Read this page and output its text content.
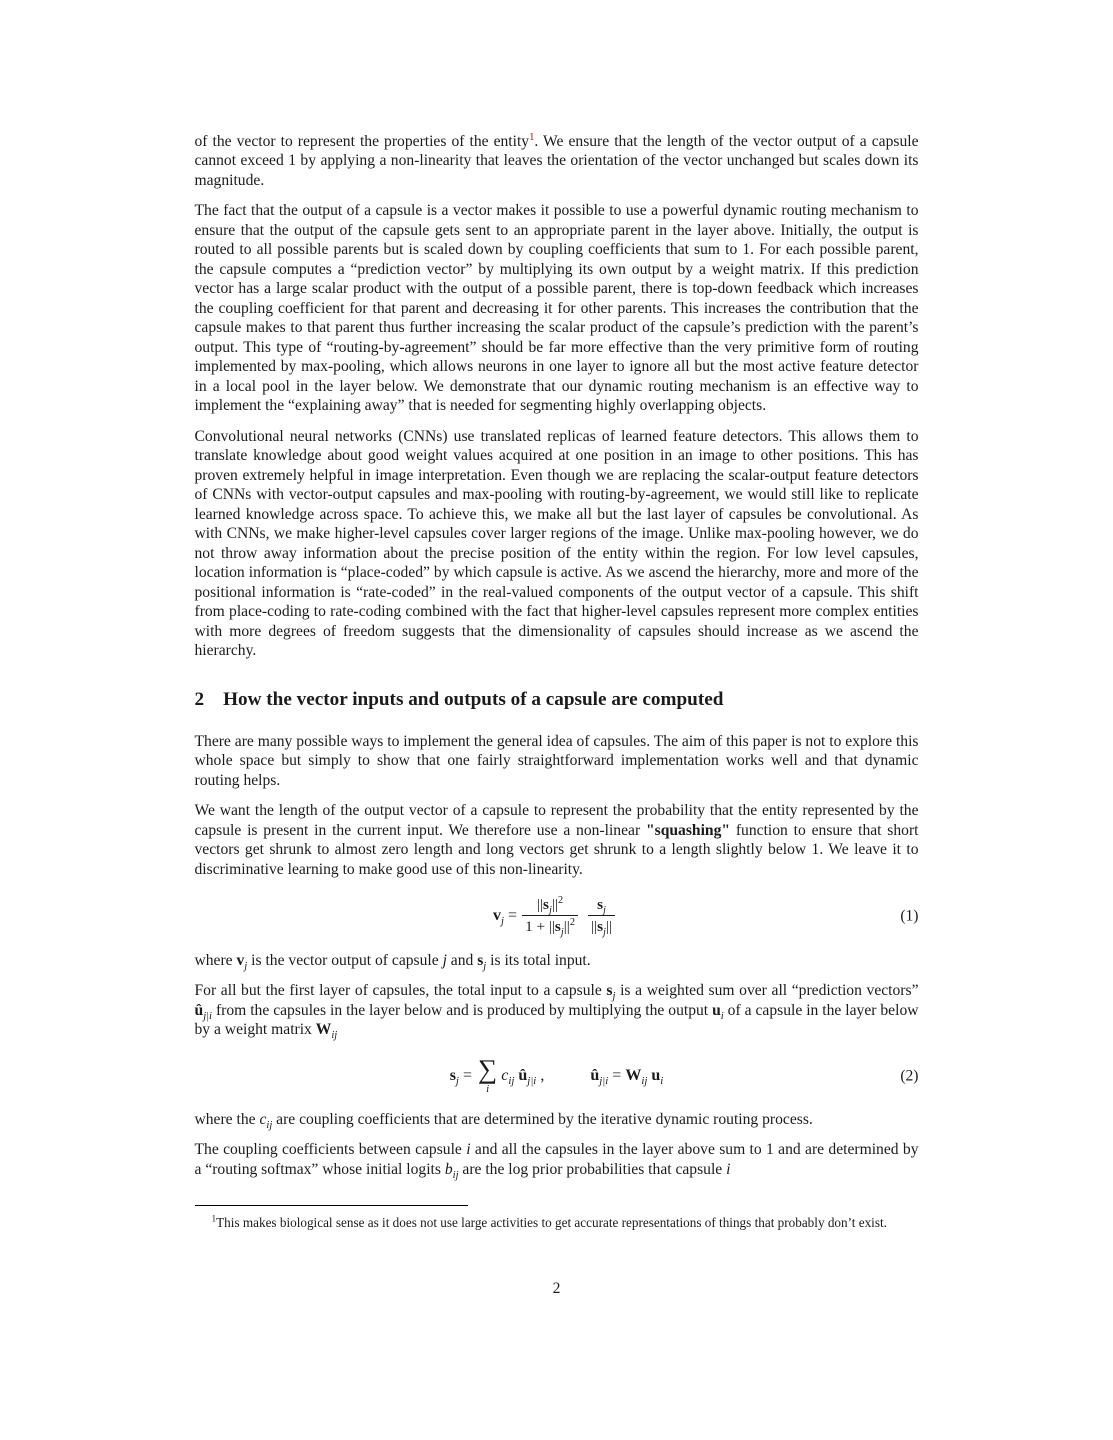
of the vector to represent the properties of the entity$^1$. We ensure that the length of the vector output of a capsule cannot exceed 1 by applying a non-linearity that leaves the orientation of the vector unchanged but scales down its magnitude.

The fact that the output of a capsule is a vector makes it possible to use a powerful dynamic routing mechanism to ensure that the output of the capsule gets sent to an appropriate parent in the layer above. Initially, the output is routed to all possible parents but is scaled down by coupling coefficients that sum to 1. For each possible parent, the capsule computes a “prediction vector” by multiplying its own output by a weight matrix. If this prediction vector has a large scalar product with the output of a possible parent, there is top-down feedback which increases the coupling coefficient for that parent and decreasing it for other parents. This increases the contribution that the capsule makes to that parent thus further increasing the scalar product of the capsule’s prediction with the parent’s output. This type of “routing-by-agreement” should be far more effective than the very primitive form of routing implemented by max-pooling, which allows neurons in one layer to ignore all but the most active feature detector in a local pool in the layer below. We demonstrate that our dynamic routing mechanism is an effective way to implement the “explaining away” that is needed for segmenting highly overlapping objects.

Convolutional neural networks (CNNs) use translated replicas of learned feature detectors. This allows them to translate knowledge about good weight values acquired at one position in an image to other positions. This has proven extremely helpful in image interpretation. Even though we are replacing the scalar-output feature detectors of CNNs with vector-output capsules and max-pooling with routing-by-agreement, we would still like to replicate learned knowledge across space. To achieve this, we make all but the last layer of capsules be convolutional. As with CNNs, we make higher-level capsules cover larger regions of the image. Unlike max-pooling however, we do not throw away information about the precise position of the entity within the region. For low level capsules, location information is “place-coded” by which capsule is active. As we ascend the hierarchy, more and more of the positional information is “rate-coded” in the real-valued components of the output vector of a capsule. This shift from place-coding to rate-coding combined with the fact that higher-level capsules represent more complex entities with more degrees of freedom suggests that the dimensionality of capsules should increase as we ascend the hierarchy.

2 How the vector inputs and outputs of a capsule are computed

There are many possible ways to implement the general idea of capsules. The aim of this paper is not to explore this whole space but simply to show that one fairly straightforward implementation works well and that dynamic routing helps.

We want the length of the output vector of a capsule to represent the probability that the entity represented by the capsule is present in the current input. We therefore use a non-linear "squashing" function to ensure that short vectors get shrunk to almost zero length and long vectors get shrunk to a length slightly below 1. We leave it to discriminative learning to make good use of this non-linearity.

$v_j = \frac{||s_j||^2}{1 + ||s_j||^2} \frac{s_j}{||s_j||}$	(1)

where $v_j$ is the vector output of capsule j and $s_j$ is its total input.

For all but the first layer of capsules, the total input to a capsule $s_j$ is a weighted sum over all “prediction vectors” $û_{j|i}$ from the capsules in the layer below and is produced by multiplying the output $u_i$ of a capsule in the layer below by a weight matrix $W_{ij}$

$s_j$ = ∑
i
$c_{ij}$ $û_{j|i}$ ,	$û_{j|i} = W_{ij}$ $u_i$	(2)

where the $c_{ij}$ are coupling coefficients that are determined by the iterative dynamic routing process.

The coupling coefficients between capsule i and all the capsules in the layer above sum to 1 and are determined by a “routing softmax” whose initial logits $b_{ij}$ are the log prior probabilities that capsule i

$^1$This makes biological sense as it does not use large activities to get accurate representations of things that probably don’t exist.

2
